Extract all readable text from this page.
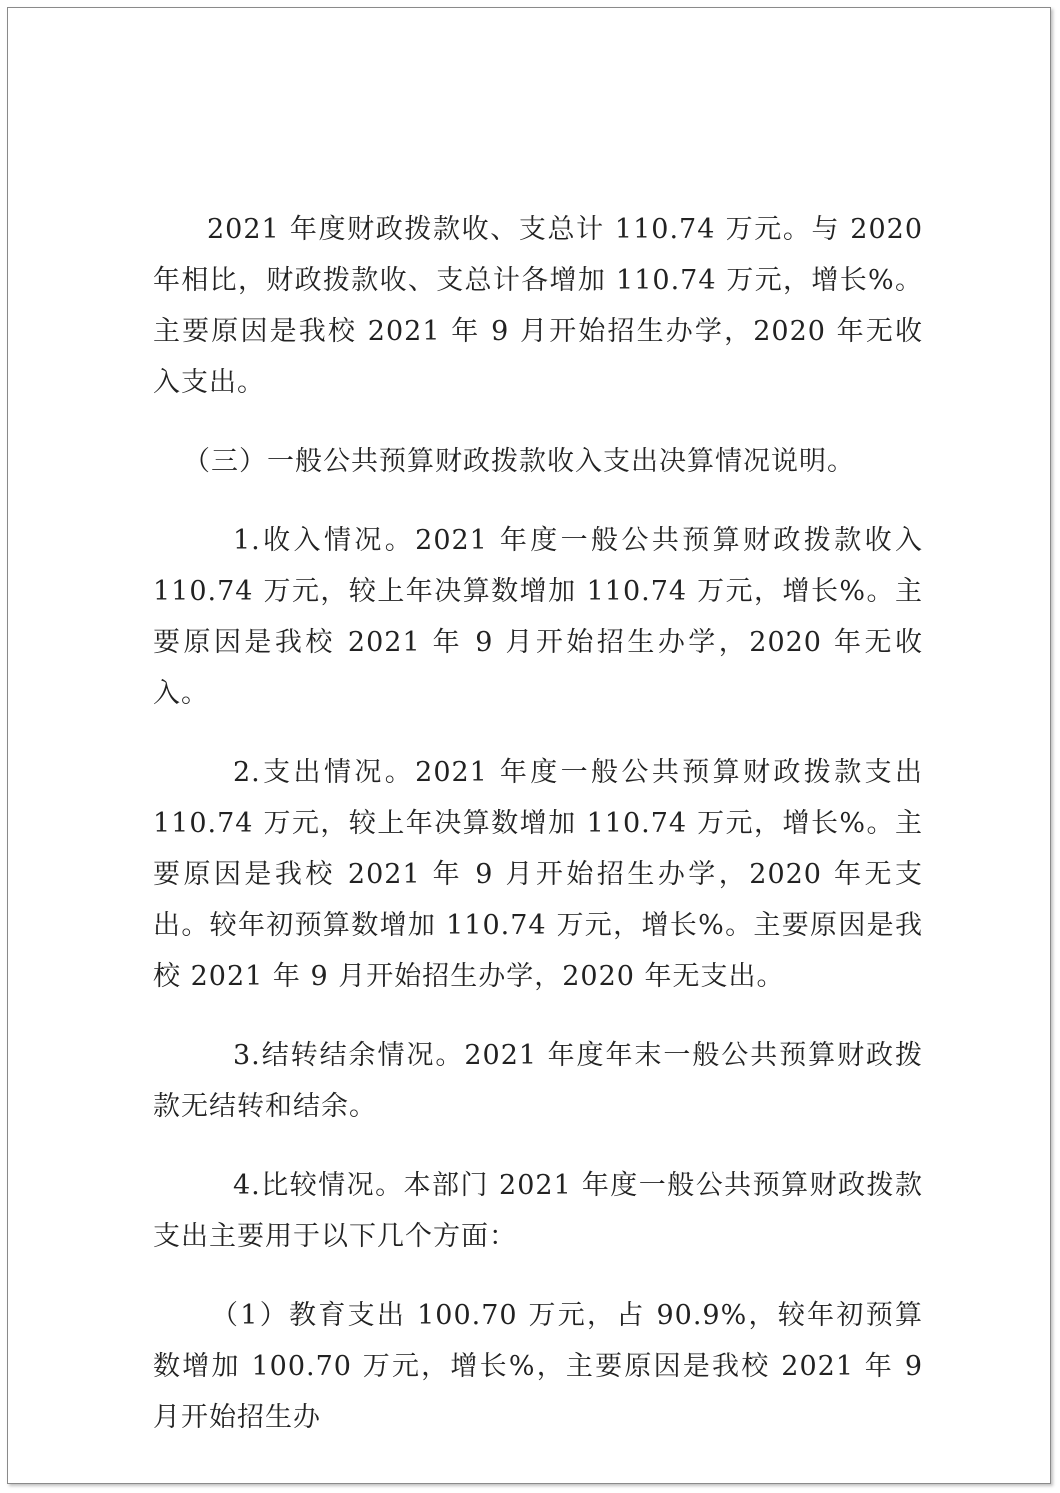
2021 年度财政拨款收、支总计 110.74 万元。与 2020 年相比，财政拨款收、支总计各增加 110.74 万元，增长%。主要原因是我校 2021 年 9 月开始招生办学，2020 年无收入支出。

（三）一般公共预算财政拨款收入支出决算情况说明。

1.收入情况。2021 年度一般公共预算财政拨款收入 110.74 万元，较上年决算数增加 110.74 万元，增长%。主要原因是我校 2021 年 9 月开始招生办学，2020 年无收入。

2.支出情况。2021 年度一般公共预算财政拨款支出 110.74 万元，较上年决算数增加 110.74 万元，增长%。主要原因是我校 2021 年 9 月开始招生办学，2020 年无支出。较年初预算数增加 110.74 万元，增长%。主要原因是我校 2021 年 9 月开始招生办学，2020 年无支出。

3.结转结余情况。2021 年度年末一般公共预算财政拨款无结转和结余。

4.比较情况。本部门 2021 年度一般公共预算财政拨款支出主要用于以下几个方面：

（1）教育支出 100.70 万元，占 90.9%，较年初预算数增加 100.70 万元，增长%，主要原因是我校 2021 年 9 月开始招生办
